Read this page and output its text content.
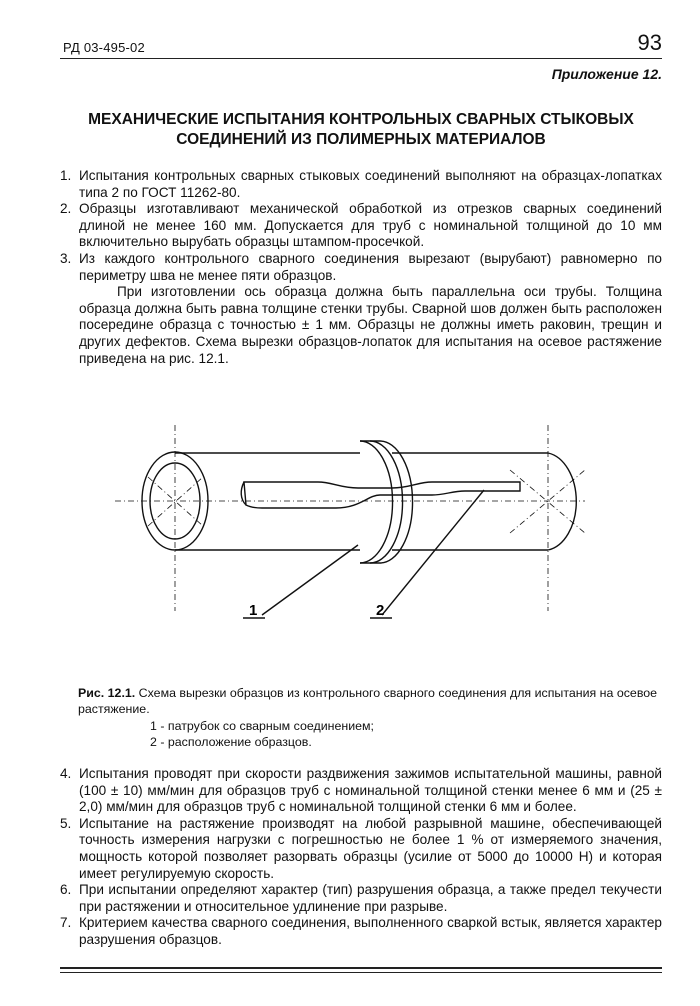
РД 03-495-02	93
Приложение 12.
МЕХАНИЧЕСКИЕ ИСПЫТАНИЯ КОНТРОЛЬНЫХ СВАРНЫХ СТЫКОВЫХ
СОЕДИНЕНИЙ ИЗ ПОЛИМЕРНЫХ МАТЕРИАЛОВ
1. Испытания контрольных сварных стыковых соединений выполняют на образцах-лопатках типа 2 по ГОСТ 11262-80.
2. Образцы изготавливают механической обработкой из отрезков сварных соединений длиной не менее 160 мм. Допускается для труб с номинальной толщиной до 10 мм включительно вырубать образцы штампом-просечкой.
3. Из каждого контрольного сварного соединения вырезают (вырубают) равномерно по периметру шва не менее пяти образцов.
При изготовлении ось образца должна быть параллельна оси трубы. Толщина образца должна быть равна толщине стенки трубы. Сварной шов должен быть расположен посередине образца с точностью ± 1 мм. Образцы не должны иметь раковин, трещин и других дефектов. Схема вырезки образцов-лопаток для испытания на осевое растяжение приведена на рис. 12.1.
1	2
Рис. 12.1. Схема вырезки образцов из контрольного сварного соединения для испытания на осевое растяжение.
1 - патрубок со сварным соединением;
2 - расположение образцов.
4. Испытания проводят при скорости раздвижения зажимов испытательной машины, равной (100 ± 10) мм/мин для образцов труб с номинальной толщиной стенки менее 6 мм и (25 ± 2,0) мм/мин для образцов труб с номинальной толщиной стенки 6 мм и более.
5. Испытание на растяжение производят на любой разрывной машине, обеспечивающей точность измерения нагрузки с погрешностью не более 1 % от измеряемого значения, мощность которой позволяет разорвать образцы (усилие от 5000 до 10000 Н) и которая имеет регулируемую скорость.
6. При испытании определяют характер (тип) разрушения образца, а также предел текучести при растяжении и относительное удлинение при разрыве.
7. Критерием качества сварного соединения, выполненного сваркой встык, является характер разрушения образцов.
